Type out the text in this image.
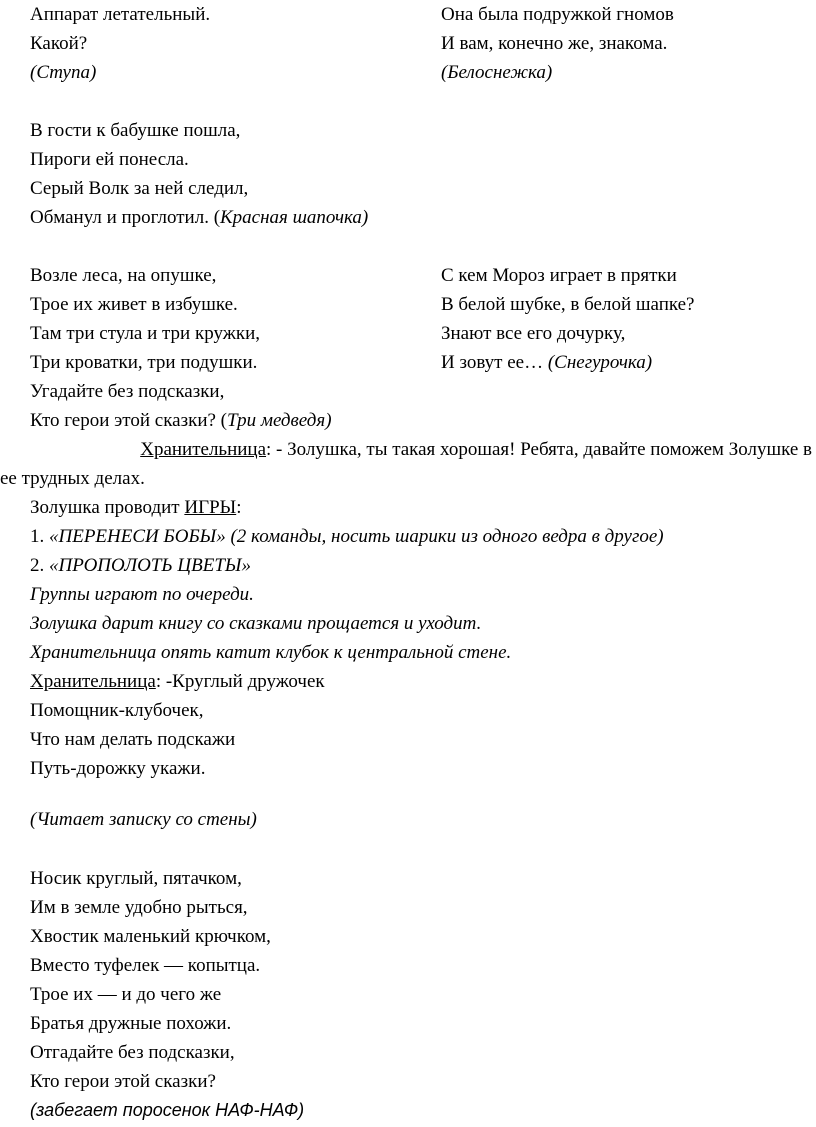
Аппарат летательный.
Какой?
(Ступа)
Она была подружкой гномов
И вам, конечно же, знакома.
(Белоснежка)
В гости к бабушке пошла,
Пироги ей понесла.
Серый Волк за ней следил,
Обманул и проглотил. (Красная шапочка)
Возле леса, на опушке,
Трое их живет в избушке.
Там три стула и три кружки,
Три кроватки, три подушки.
Угадайте без подсказки,
Кто герои этой сказки? (Три медведя)
С кем Мороз играет в прятки
В белой шубке, в белой шапке?
Знают все его дочурку,
И зовут ее… (Снегурочка)
Хранительница: - Золушка, ты такая хорошая! Ребята, давайте поможем Золушке в
ее трудных делах.
Золушка проводит ИГРЫ:
1. «ПЕРЕНЕСИ БОБЫ» (2 команды, носить шарики из одного ведра в другое)
2. «ПРОПОЛОТЬ ЦВЕТЫ»
Группы играют по очереди.
Золушка дарит книгу со сказками прощается и уходит.
Хранительница опять катит клубок к центральной стене.
Хранительница: -Круглый дружочек
Помощник-клубочек,
Что нам делать подскажи
Путь-дорожку укажи.
(Читает записку со стены)
Носик круглый, пятачком,
Им в земле удобно рыться,
Хвостик маленький крючком,
Вместо туфелек — копытца.
Трое их — и до чего же
Братья дружные похожи.
Отгадайте без подсказки,
Кто герои этой сказки?
(забегает поросенок НАФ-НАФ)
